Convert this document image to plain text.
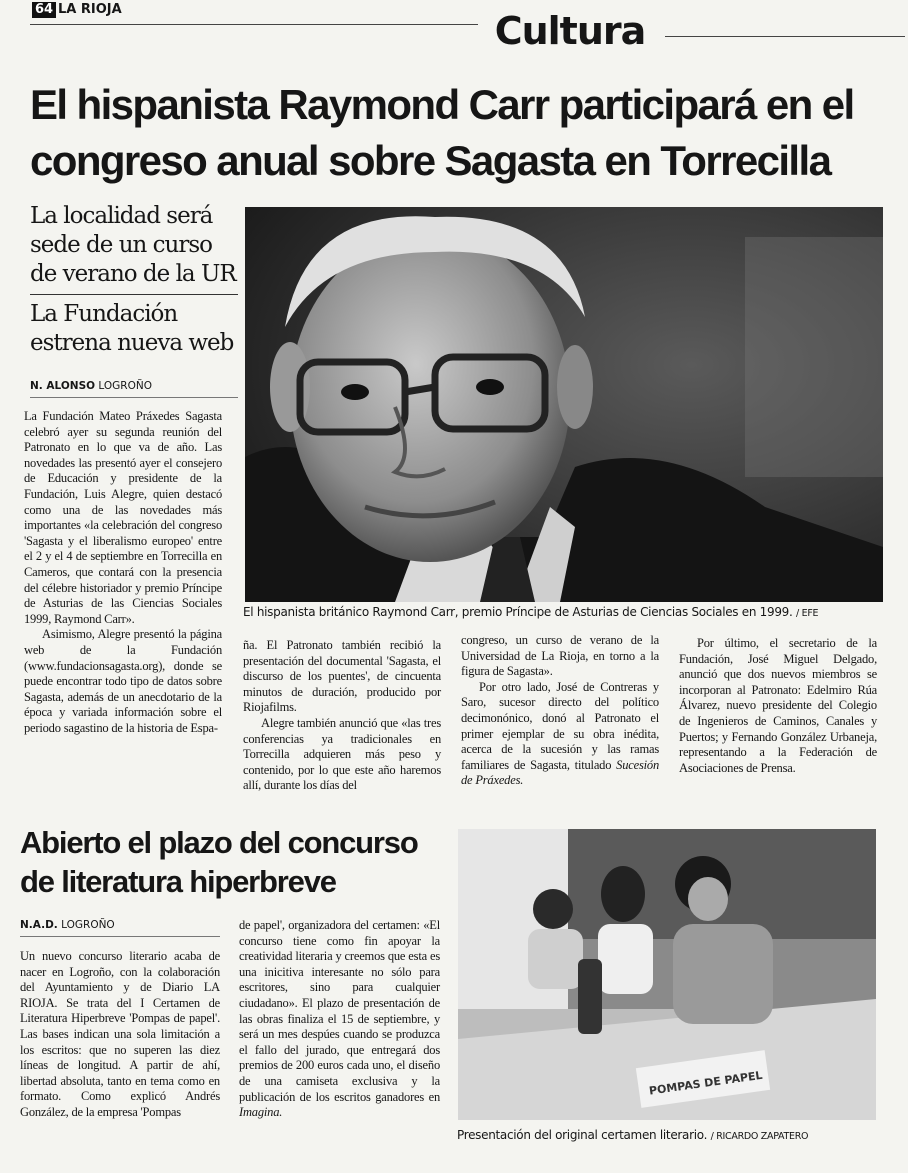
64 LA RIOJA	Cultura
El hispanista Raymond Carr participará en el
congreso anual sobre Sagasta en Torrecilla
La localidad será sede de un curso de verano de la UR
La Fundación estrena nueva web
N. ALONSO LOGROÑO

La Fundación Mateo Práxedes Sagasta celebró ayer su segunda reunión del Patronato en lo que va de año. Las novedades las presentó ayer el consejero de Educación y presidente de la Fundación, Luis Alegre, quien destacó como una de las novedades más importantes «la celebración del congreso 'Sagasta y el liberalismo europeo' entre el 2 y el 4 de septiembre en Torrecilla en Cameros, que contará con la presencia del célebre historiador y premio Príncipe de Asturias de las Ciencias Sociales 1999, Raymond Carr».

Asimismo, Alegre presentó la página web de la Fundación (www.fundacionsagasta.org), donde se puede encontrar todo tipo de datos sobre Sagasta, además de un anecdotario de la época y variada información sobre el periodo sagastino de la historia de Espa-

El hispanista británico Raymond Carr, premio Príncipe de Asturias de Ciencias Sociales en 1999. / EFE

ña. El Patronato también recibió la presentación del documental 'Sagasta, el discurso de los puentes', de cincuenta minutos de duración, producido por Riojafilms.

Alegre también anunció que «las tres conferencias ya tradicionales en Torrecilla adquieren más peso y contenido, por lo que este año haremos allí, durante los días del

congreso, un curso de verano de la Universidad de La Rioja, en torno a la figura de Sagasta».

Por otro lado, José de Contreras y Saro, sucesor directo del político decimonónico, donó al Patronato el primer ejemplar de su obra inédita, acerca de la sucesión y las ramas familiares de Sagasta, titulado Sucesión de Práxedes.

Por último, el secretario de la Fundación, José Miguel Delgado, anunció que dos nuevos miembros se incorporan al Patronato: Edelmiro Rúa Álvarez, nuevo presidente del Colegio de Ingenieros de Caminos, Canales y Puertos; y Fernando González Urbaneja, representando a la Federación de Asociaciones de Prensa.

Abierto el plazo del concurso
de literatura hiperbreve
N.A.D. LOGROÑO

Un nuevo concurso literario acaba de nacer en Logroño, con la colaboración del Ayuntamiento y de Diario LA RIOJA. Se trata del I Certamen de Literatura Hiperbreve 'Pompas de papel'. Las bases indican una sola limitación a los escritos: que no superen las diez líneas de longitud. A partir de ahí, libertad absoluta, tanto en tema como en formato. Como explicó Andrés González, de la empresa 'Pompas

de papel', organizadora del certamen: «El concurso tiene como fin apoyar la creatividad literaria y creemos que esta es una inicitiva interesante no sólo para escritores, sino para cualquier ciudadano». El plazo de presentación de las obras finaliza el 15 de septiembre, y será un mes despúes cuando se produzca el fallo del jurado, que entregará dos premios de 200 euros cada uno, el diseño de una camiseta exclusiva y la publicación de los escritos ganadores en Imagina.

POMPAS DE PAPEL
Presentación del original certamen literario. / RICARDO ZAPATERO
